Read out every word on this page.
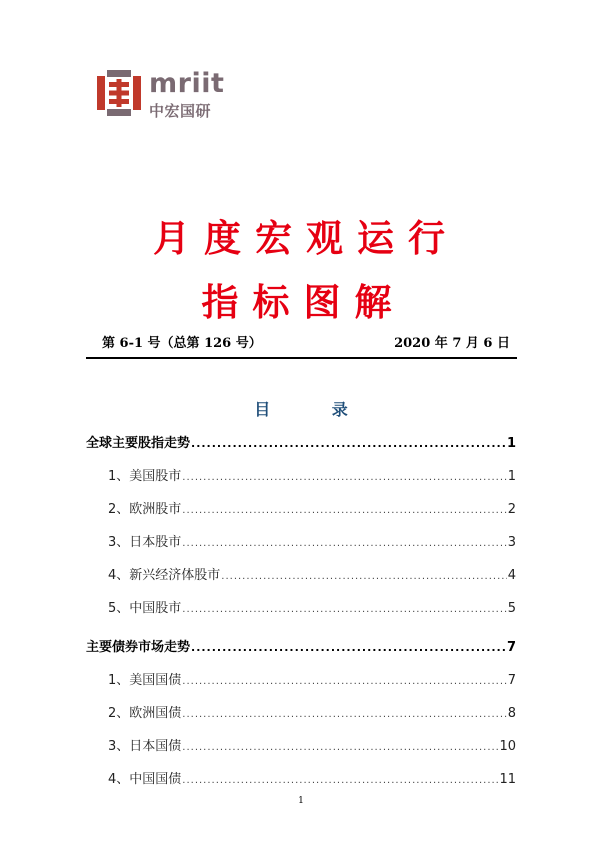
mriit
中宏国研
月度宏观运行
指标图解
第 6-1 号（总第 126 号）	2020 年 7 月 6 日
目 录
全球主要股指走势 .....	1
1、美国股市 .....	1
2、欧洲股市 .....	2
3、日本股市 .....	3
4、新兴经济体股市 .....	4
5、中国股市 .....	5
主要债券市场走势 .....	7
1、美国国债 .....	7
2、欧洲国债 .....	8
3、日本国债 .....	10
4、中国国债 .....	11
1
